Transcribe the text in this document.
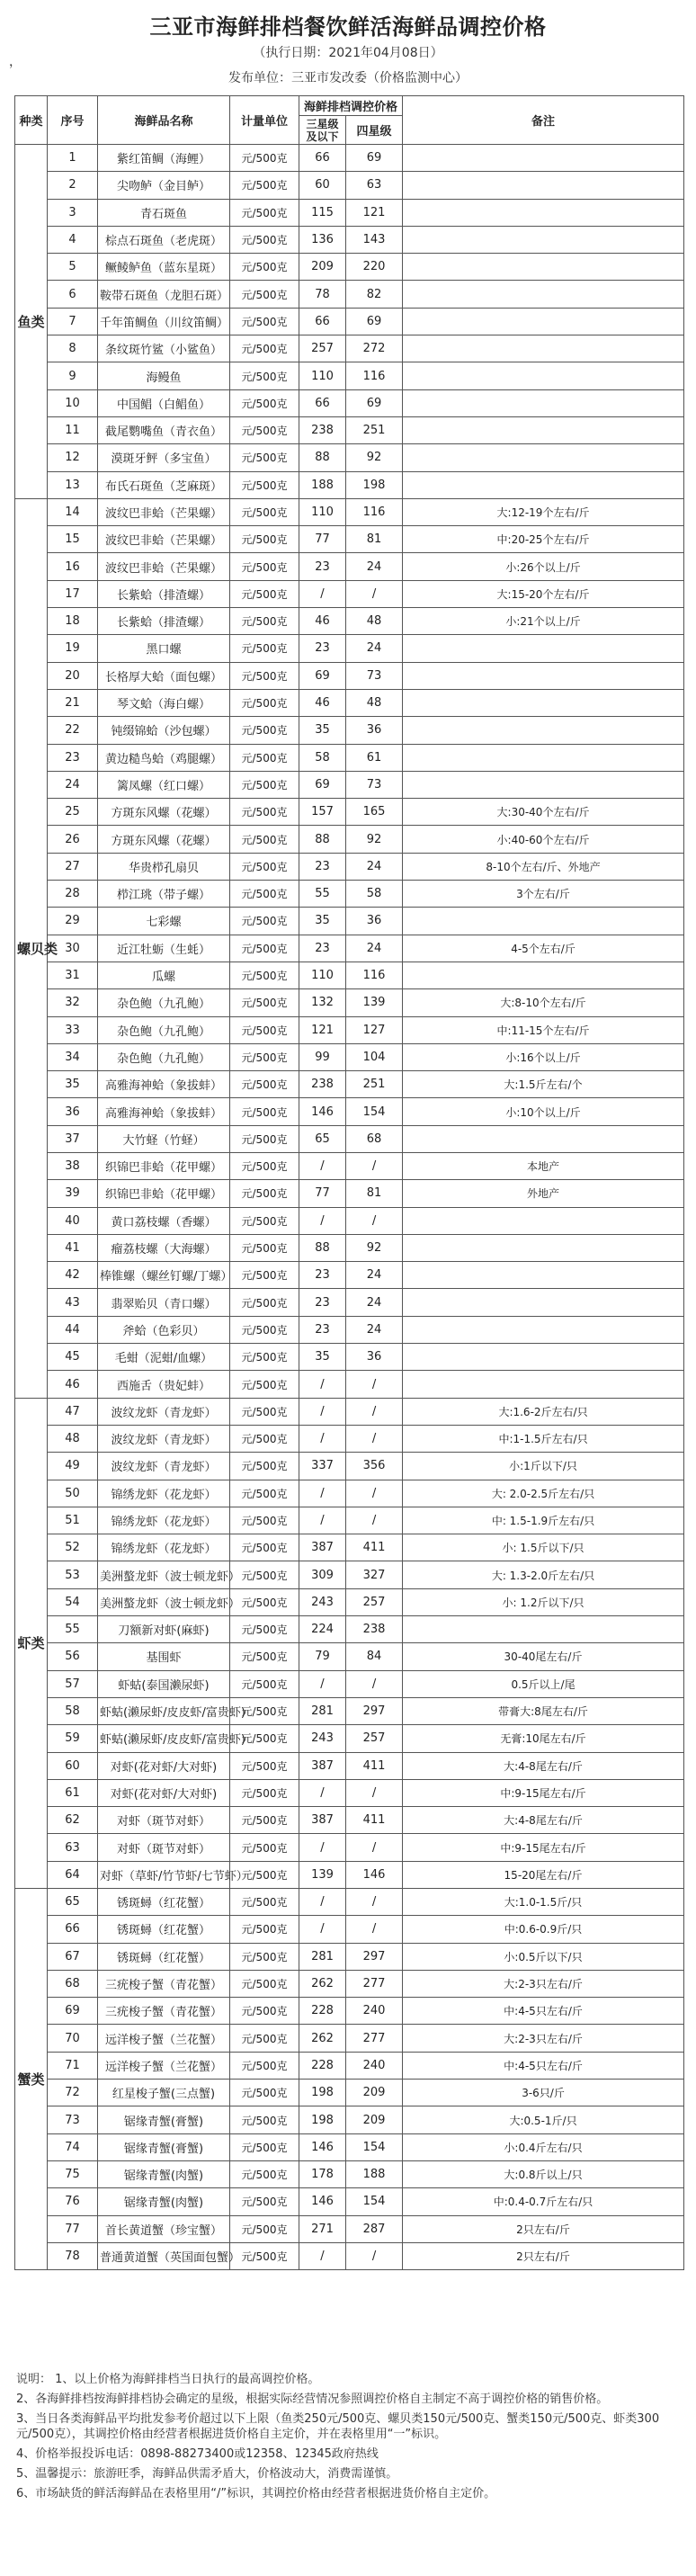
三亚市海鲜排档餐饮鲜活海鲜品调控价格
（执行日期：2021年04月08日）
，
发布单位：三亚市发改委（价格监测中心）
种类	序号	海鲜品名称	计量单位	海鲜排档调控价格		备注
				三星级及以下	四星级	
鱼类	1	紫红笛鲷（海鲤）	元/500克	66	69	
	2	尖吻鲈（金目鲈）	元/500克	60	63	
	3	青石斑鱼	元/500克	115	121	
	4	棕点石斑鱼（老虎斑）	元/500克	136	143	
	5	鳜鲮鲈鱼（蓝东星斑）	元/500克	209	220	
	6	鞍带石斑鱼（龙胆石斑）	元/500克	78	82	
	7	千年笛鲷鱼（川纹笛鲷）	元/500克	66	69	
	8	条纹斑竹鲨（小鲨鱼）	元/500克	257	272	
	9	海鳗鱼	元/500克	110	116	
	10	中国鲳（白鲳鱼）	元/500克	66	69	
	11	截尾鹦嘴鱼（青衣鱼）	元/500克	238	251	
	12	漠斑牙鲆（多宝鱼）	元/500克	88	92	
	13	布氏石斑鱼（芝麻斑）	元/500克	188	198	
螺贝类	14	波纹巴非蛤（芒果螺）	元/500克	110	116	大:12-19个左右/斤
	15	波纹巴非蛤（芒果螺）	元/500克	77	81	中:20-25个左右/斤
	16	波纹巴非蛤（芒果螺）	元/500克	23	24	小:26个以上/斤
	17	长紫蛤（排渣螺）	元/500克	/	/	大:15-20个左右/斤
	18	长紫蛤（排渣螺）	元/500克	46	48	小:21个以上/斤
	19	黑口螺	元/500克	23	24	
	20	长格厚大蛤（面包螺）	元/500克	69	73	
	21	琴文蛤（海白螺）	元/500克	46	48	
	22	钝缀锦蛤（沙包螺）	元/500克	35	36	
	23	黄边糙鸟蛤（鸡腿螺）	元/500克	58	61	
	24	篱凤螺（红口螺）	元/500克	69	73	
	25	方斑东风螺（花螺）	元/500克	157	165	大:30-40个左右/斤
	26	方斑东风螺（花螺）	元/500克	88	92	小:40-60个左右/斤
	27	华贵栉孔扇贝	元/500克	23	24	8-10个左右/斤、外地产
	28	栉江珧（带子螺）	元/500克	55	58	3个左右/斤
	29	七彩螺	元/500克	35	36	
	30	近江牡蛎（生蚝）	元/500克	23	24	4-5个左右/斤
	31	瓜螺	元/500克	110	116	
	32	杂色鲍（九孔鲍）	元/500克	132	139	大:8-10个左右/斤
	33	杂色鲍（九孔鲍）	元/500克	121	127	中:11-15个左右/斤
	34	杂色鲍（九孔鲍）	元/500克	99	104	小:16个以上/斤
	35	高雅海神蛤（象拔蚌）	元/500克	238	251	大:1.5斤左右/个
	36	高雅海神蛤（象拔蚌）	元/500克	146	154	小:10个以上/斤
	37	大竹蛏（竹蛏）	元/500克	65	68	
	38	织锦巴非蛤（花甲螺）	元/500克	/	/	本地产
	39	织锦巴非蛤（花甲螺）	元/500克	77	81	外地产
	40	黄口荔枝螺（香螺）	元/500克	/	/	
	41	瘤荔枝螺（大海螺）	元/500克	88	92	
	42	棒锥螺（螺丝钉螺/丁螺）	元/500克	23	24	
	43	翡翠贻贝（青口螺）	元/500克	23	24	
	44	斧蛤（色彩贝）	元/500克	23	24	
	45	毛蚶（泥蚶/血螺）	元/500克	35	36	
	46	西施舌（贵妃蚌）	元/500克	/	/	
虾类	47	波纹龙虾（青龙虾）	元/500克	/	/	大:1.6-2斤左右/只
	48	波纹龙虾（青龙虾）	元/500克	/	/	中:1-1.5斤左右/只
	49	波纹龙虾（青龙虾）	元/500克	337	356	小:1斤以下/只
	50	锦绣龙虾（花龙虾）	元/500克	/	/	大: 2.0-2.5斤左右/只
	51	锦绣龙虾（花龙虾）	元/500克	/	/	中: 1.5-1.9斤左右/只
	52	锦绣龙虾（花龙虾）	元/500克	387	411	小: 1.5斤以下/只
	53	美洲螯龙虾（波士顿龙虾）	元/500克	309	327	大: 1.3-2.0斤左右/只
	54	美洲螯龙虾（波士顿龙虾）	元/500克	243	257	小: 1.2斤以下/只
	55	刀额新对虾(麻虾)	元/500克	224	238	
	56	基围虾	元/500克	79	84	30-40尾左右/斤
	57	虾蛄(泰国濑尿虾)	元/500克	/	/	0.5斤以上/尾
	58	虾蛄(濑尿虾/皮皮虾/富贵虾)	元/500克	281	297	带膏大:8尾左右/斤
	59	虾蛄(濑尿虾/皮皮虾/富贵虾)	元/500克	243	257	无膏:10尾左右/斤
	60	对虾(花对虾/大对虾)	元/500克	387	411	大:4-8尾左右/斤
	61	对虾(花对虾/大对虾)	元/500克	/	/	中:9-15尾左右/斤
	62	对虾（斑节对虾）	元/500克	387	411	大:4-8尾左右/斤
	63	对虾（斑节对虾）	元/500克	/	/	中:9-15尾左右/斤
	64	对虾（草虾/竹节虾/七节虾）	元/500克	139	146	15-20尾左右/斤
蟹类	65	锈斑蟳（红花蟹）	元/500克	/	/	大:1.0-1.5斤/只
	66	锈斑蟳（红花蟹）	元/500克	/	/	中:0.6-0.9斤/只
	67	锈斑蟳（红花蟹）	元/500克	281	297	小:0.5斤以下/只
	68	三疣梭子蟹（青花蟹）	元/500克	262	277	大:2-3只左右/斤
	69	三疣梭子蟹（青花蟹）	元/500克	228	240	中:4-5只左右/斤
	70	远洋梭子蟹（兰花蟹）	元/500克	262	277	大:2-3只左右/斤
	71	远洋梭子蟹（兰花蟹）	元/500克	228	240	中:4-5只左右/斤
	72	红星梭子蟹(三点蟹)	元/500克	198	209	3-6只/斤
	73	锯缘青蟹(膏蟹)	元/500克	198	209	大:0.5-1斤/只
	74	锯缘青蟹(膏蟹)	元/500克	146	154	小:0.4斤左右/只
	75	锯缘青蟹(肉蟹)	元/500克	178	188	大:0.8斤以上/只
	76	锯缘青蟹(肉蟹)	元/500克	146	154	中:0.4-0.7斤左右/只
	77	首长黄道蟹（珍宝蟹）	元/500克	271	287	2只左右/斤
	78	普通黄道蟹（英国面包蟹）	元/500克	/	/	2只左右/斤

说明： 1、以上价格为海鲜排档当日执行的最高调控价格。

2、各海鲜排档按海鲜排档协会确定的星级，根据实际经营情况参照调控价格自主制定不高于调控价格的销售价格。

3、当日各类海鲜品平均批发参考价超过以下上限（鱼类250元/500克、螺贝类150元/500克、蟹类150元/500克、虾类300元/500克），其调控价格由经营者根据进货价格自主定价，并在表格里用“一”标识。

4、价格举报投诉电话：0898-88273400或12358、12345政府热线

5、温馨提示：旅游旺季，海鲜品供需矛盾大，价格波动大，消费需谨慎。

6、市场缺货的鲜活海鲜品在表格里用“/”标识，其调控价格由经营者根据进货价格自主定价。
